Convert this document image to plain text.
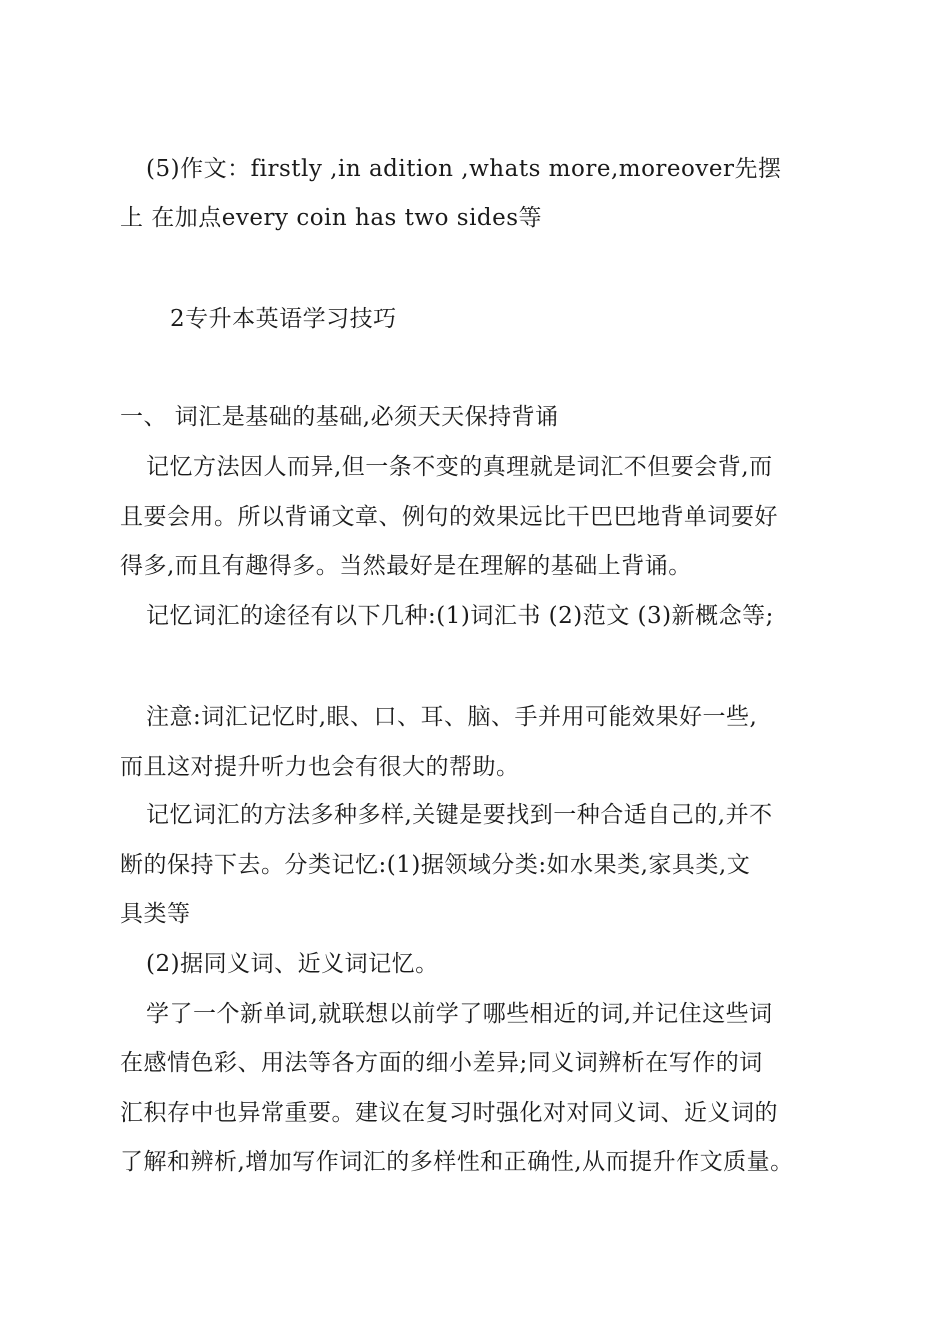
(5)作文：firstly ,in adition ,whats more,moreover先摆
上 在加点every coin has two sides等
2专升本英语学习技巧
一、 词汇是基础的基础,必须天天保持背诵
记忆方法因人而异,但一条不变的真理就是词汇不但要会背,而
且要会用。所以背诵文章、例句的效果远比干巴巴地背单词要好
得多,而且有趣得多。当然最好是在理解的基础上背诵。
记忆词汇的途径有以下几种:(1)词汇书 (2)范文 (3)新概念等;
注意:词汇记忆时,眼、口、耳、脑、手并用可能效果好一些,
而且这对提升听力也会有很大的帮助。
记忆词汇的方法多种多样,关键是要找到一种合适自己的,并不
断的保持下去。分类记忆:(1)据领域分类:如水果类,家具类,文
具类等
(2)据同义词、近义词记忆。
学了一个新单词,就联想以前学了哪些相近的词,并记住这些词
在感情色彩、用法等各方面的细小差异;同义词辨析在写作的词
汇积存中也异常重要。建议在复习时强化对对同义词、近义词的
了解和辨析,增加写作词汇的多样性和正确性,从而提升作文质量。
